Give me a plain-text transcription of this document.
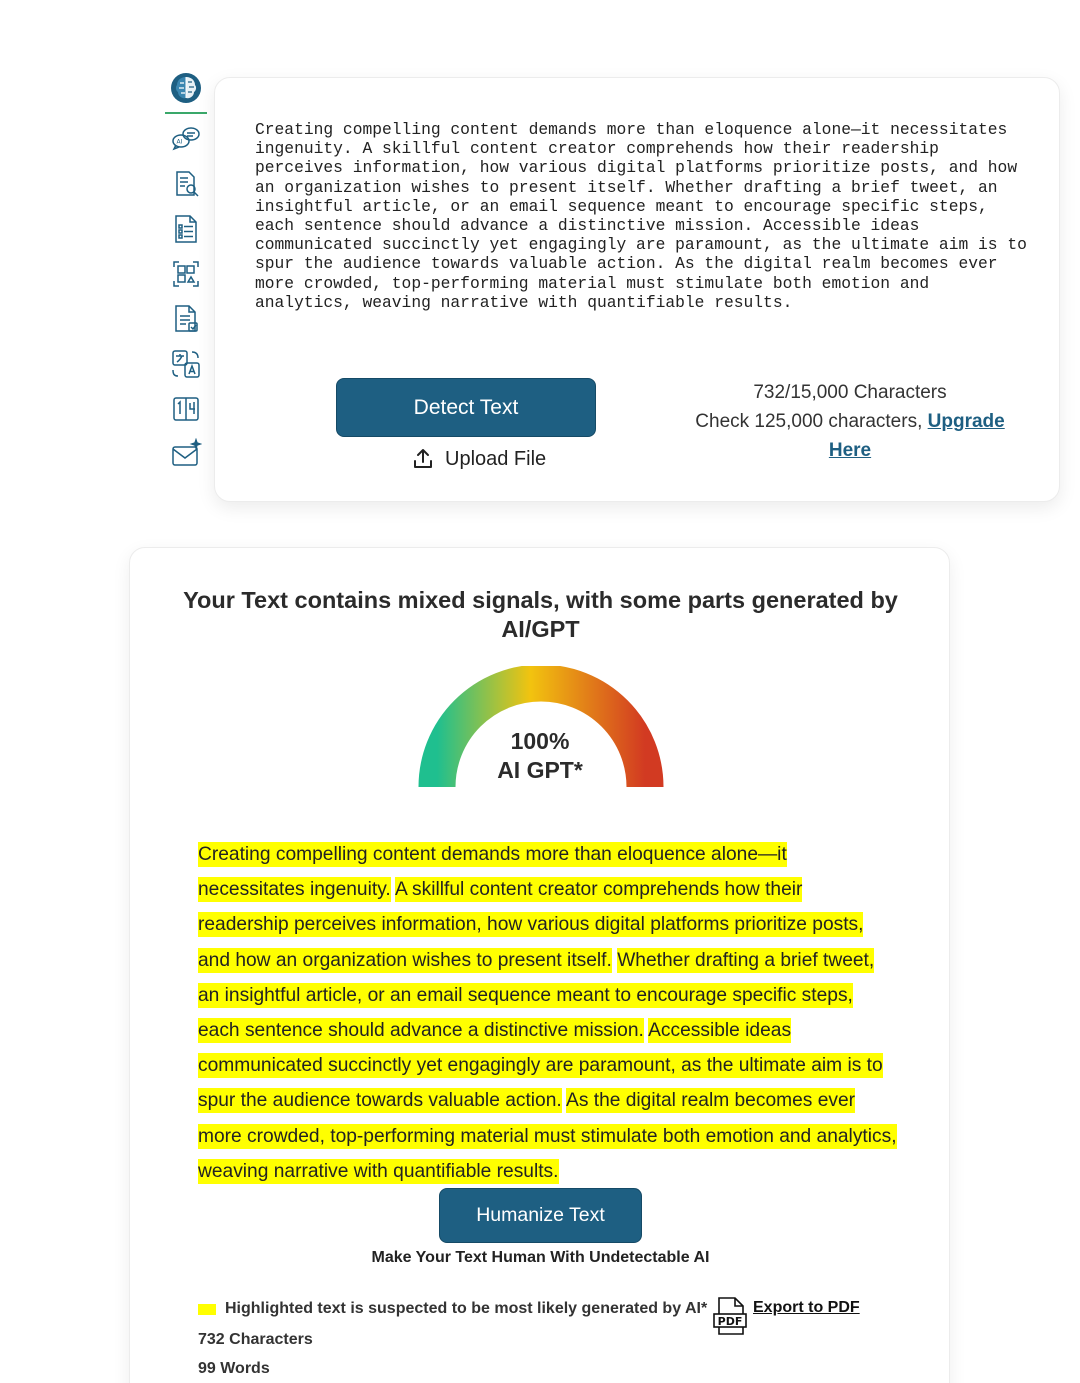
AI
Creating compelling content demands more than eloquence alone—it necessitates
ingenuity. A skillful content creator comprehends how their readership
perceives information, how various digital platforms prioritize posts, and how
an organization wishes to present itself. Whether drafting a brief tweet, an
insightful article, or an email sequence meant to encourage specific steps,
each sentence should advance a distinctive mission. Accessible ideas
communicated succinctly yet engagingly are paramount, as the ultimate aim is to
spur the audience towards valuable action. As the digital realm becomes ever
more crowded, top-performing material must stimulate both emotion and
analytics, weaving narrative with quantifiable results.
Detect Text
Upload File
732/15,000 Characters
Check 125,000 characters, Upgrade Here
Your Text contains mixed signals, with some parts generated by AI/GPT
100%
AI GPT*
Creating compelling content demands more than eloquence alone—it necessitates ingenuity. A skillful content creator comprehends how their readership perceives information, how various digital platforms prioritize posts, and how an organization wishes to present itself. Whether drafting a brief tweet, an insightful article, or an email sequence meant to encourage specific steps, each sentence should advance a distinctive mission. Accessible ideas communicated succinctly yet engagingly are paramount, as the ultimate aim is to spur the audience towards valuable action. As the digital realm becomes ever more crowded, top-performing material must stimulate both emotion and analytics, weaving narrative with quantifiable results.
Humanize Text
Make Your Text Human With Undetectable AI
Highlighted text is suspected to be most likely generated by AI*
PDF
Export to PDF
732 Characters
99 Words
